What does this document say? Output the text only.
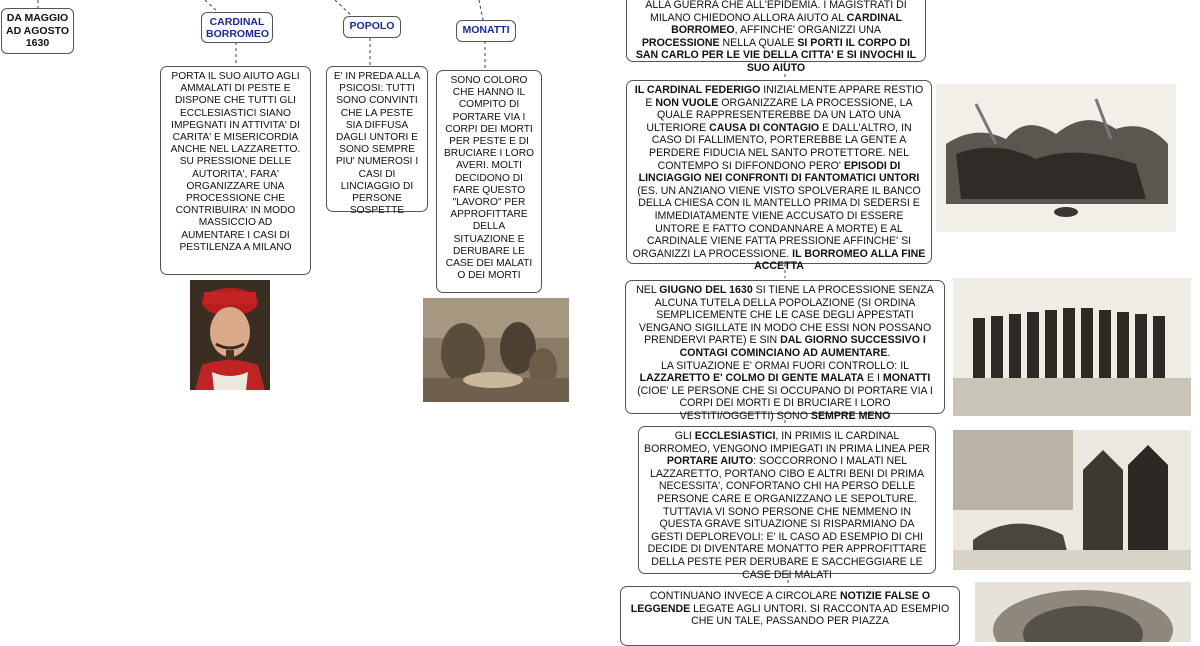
DA MAGGIO
AD AGOSTO
1630
CARDINAL
BORROMEO
POPOLO	MONATTI
PORTA IL SUO AIUTO AGLI AMMALATI DI PESTE E DISPONE CHE TUTTI GLI ECCLESIASTICI SIANO IMPEGNATI IN ATTIVITA' DI CARITA' E MISERICORDIA ANCHE NEL LAZZARETTO.
SU PRESSIONE DELLE AUTORITA', FARA' ORGANIZZARE UNA PROCESSIONE CHE CONTRIBUIRA' IN MODO MASSICCIO AD AUMENTARE I CASI DI PESTILENZA A MILANO
E' IN PREDA ALLA PSICOSI: TUTTI SONO CONVINTI CHE LA PESTE SIA DIFFUSA DAGLI UNTORI E SONO SEMPRE PIU' NUMEROSI I CASI DI LINCIAGGIO DI PERSONE SOSPETTE
SONO COLORO CHE HANNO IL COMPITO DI PORTARE VIA I CORPI DEI MORTI PER PESTE E DI BRUCIARE I LORO AVERI. MOLTI DECIDONO DI FARE QUESTO "LAVORO" PER APPROFITTARE DELLA SITUAZIONE E DERUBARE LE CASE DEI MALATI O DEI MORTI
ALLA GUERRA CHE ALL'EPIDEMIA. I MAGISTRATI DI MILANO CHIEDONO ALLORA AIUTO AL CARDINAL BORROMEO, AFFINCHE' ORGANIZZI UNA PROCESSIONE NELLA QUALE SI PORTI IL CORPO DI SAN CARLO PER LE VIE DELLA CITTA' E SI INVOCHI IL SUO AIUTO
IL CARDINAL FEDERIGO INIZIALMENTE APPARE RESTIO E NON VUOLE ORGANIZZARE LA PROCESSIONE, LA QUALE RAPPRESENTEREBBE DA UN LATO UNA ULTERIORE CAUSA DI CONTAGIO E DALL'ALTRO, IN CASO DI FALLIMENTO, PORTEREBBE LA GENTE A PERDERE FIDUCIA NEL SANTO PROTETTORE. NEL CONTEMPO SI DIFFONDONO PERO' EPISODI DI LINCIAGGIO NEI CONFRONTI DI FANTOMATICI UNTORI (ES. UN ANZIANO VIENE VISTO SPOLVERARE IL BANCO DELLA CHIESA CON IL MANTELLO PRIMA DI SEDERSI E IMMEDIATAMENTE VIENE ACCUSATO DI ESSERE UNTORE E FATTO CONDANNARE A MORTE) E AL CARDINALE VIENE FATTA PRESSIONE AFFINCHE' SI ORGANIZZI LA PROCESSIONE. IL BORROMEO ALLA FINE ACCETTA
NEL GIUGNO DEL 1630 SI TIENE LA PROCESSIONE SENZA ALCUNA TUTELA DELLA POPOLAZIONE (SI ORDINA SEMPLICEMENTE CHE LE CASE DEGLI APPESTATI VENGANO SIGILLATE IN MODO CHE ESSI NON POSSANO PRENDERVI PARTE) E SIN DAL GIORNO SUCCESSIVO I CONTAGI COMINCIANO AD AUMENTARE.
LA SITUAZIONE E' ORMAI FUORI CONTROLLO: IL LAZZARETTO E' COLMO DI GENTE MALATA E I MONATTI (CIOE' LE PERSONE CHE SI OCCUPANO DI PORTARE VIA I CORPI DEI MORTI E DI BRUCIARE I LORO VESTITI/OGGETTI) SONO SEMPRE MENO
GLI ECCLESIASTICI, IN PRIMIS IL CARDINAL BORROMEO, VENGONO IMPIEGATI IN PRIMA LINEA PER PORTARE AIUTO: SOCCORRONO I MALATI NEL LAZZARETTO, PORTANO CIBO E ALTRI BENI DI PRIMA NECESSITA', CONFORTANO CHI HA PERSO DELLE PERSONE CARE E ORGANIZZANO LE SEPOLTURE. TUTTAVIA VI SONO PERSONE CHE NEMMENO IN QUESTA GRAVE SITUAZIONE SI RISPARMIANO DA GESTI DEPLOREVOLI: E' IL CASO AD ESEMPIO DI CHI DECIDE DI DIVENTARE MONATTO PER APPROFITTARE DELLA PESTE PER DERUBARE E SACCHEGGIARE LE CASE DEI MALATI
CONTINUANO INVECE A CIRCOLARE NOTIZIE FALSE O LEGGENDE LEGATE AGLI UNTORI. SI RACCONTA AD ESEMPIO CHE UN TALE, PASSANDO PER PIAZZA
